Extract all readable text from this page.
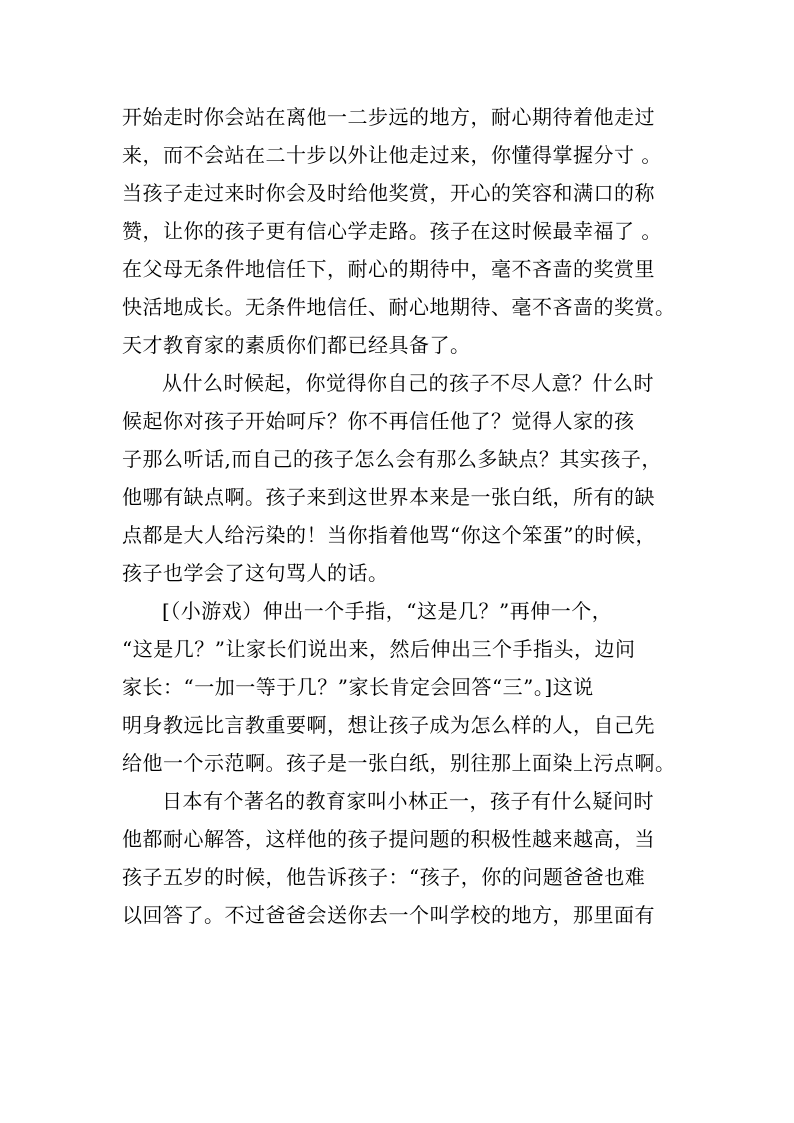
开始走时你会站在离他一二步远的地方，耐心期待着他走过
来，而不会站在二十步以外让他走过来，你懂得掌握分寸 。
当孩子走过来时你会及时给他奖赏，开心的笑容和满口的称
赞，让你的孩子更有信心学走路。孩子在这时候最幸福了 。
在父母无条件地信任下，耐心的期待中，毫不吝啬的奖赏里
快活地成长。无条件地信任、耐心地期待、毫不吝啬的奖赏。
天才教育家的素质你们都已经具备了。
从什么时候起，你觉得你自己的孩子不尽人意？什么时
候起你对孩子开始呵斥？你不再信任他了？觉得人家的孩
子那么听话,而自己的孩子怎么会有那么多缺点？其实孩子，
他哪有缺点啊。孩子来到这世界本来是一张白纸，所有的缺
点都是大人给污染的！当你指着他骂“你这个笨蛋”的时候，
孩子也学会了这句骂人的话。
[（小游戏）伸出一个手指，“这是几？”再伸一个，
“这是几？”让家长们说出来，然后伸出三个手指头，边问
家长：“一加一等于几？”家长肯定会回答“三”。]这说
明身教远比言教重要啊，想让孩子成为怎么样的人，自己先
给他一个示范啊。孩子是一张白纸，别往那上面染上污点啊。
日本有个著名的教育家叫小林正一，孩子有什么疑问时
他都耐心解答，这样他的孩子提问题的积极性越来越高，当
孩子五岁的时候，他告诉孩子：“孩子，你的问题爸爸也难
以回答了。不过爸爸会送你去一个叫学校的地方，那里面有
